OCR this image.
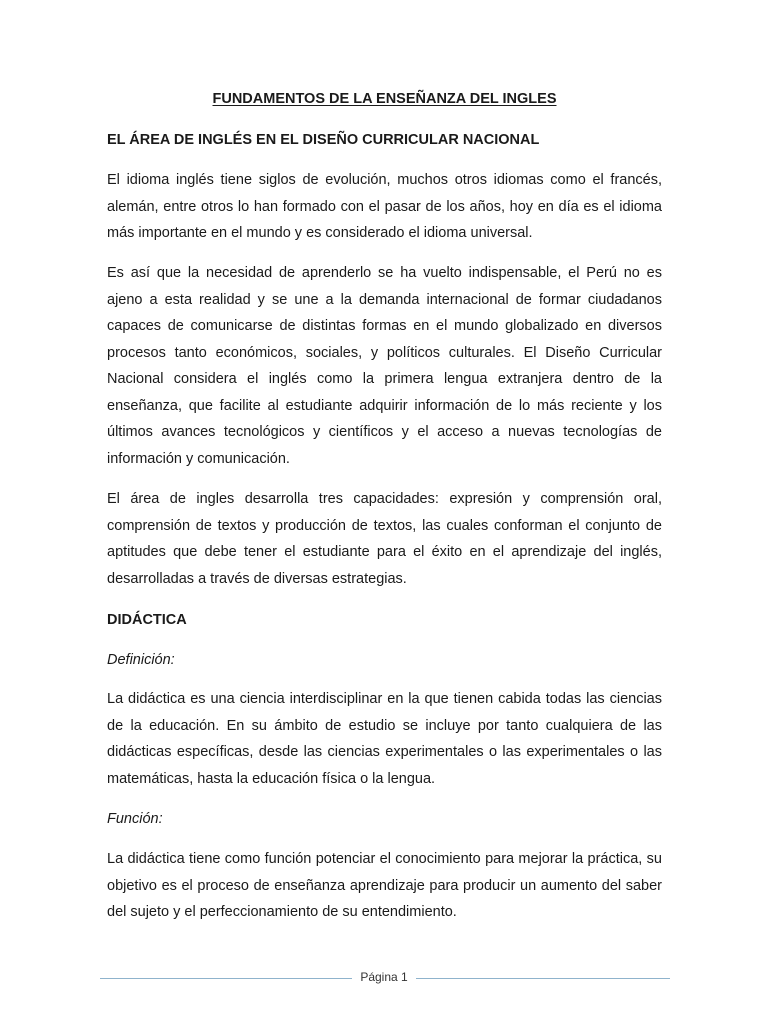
FUNDAMENTOS DE LA ENSEÑANZA DEL INGLES
EL ÁREA DE INGLÉS EN EL DISEÑO CURRICULAR NACIONAL

El idioma inglés tiene siglos de evolución, muchos otros idiomas como el francés, alemán, entre otros lo han formado con el pasar de los años, hoy en día es el idioma más importante en el mundo y es considerado el idioma universal.

Es así que la necesidad de aprenderlo se ha vuelto indispensable, el Perú no es ajeno a esta realidad y se une a la demanda internacional de formar ciudadanos capaces de comunicarse de distintas formas en el mundo globalizado en diversos procesos tanto económicos, sociales, y políticos culturales. El Diseño Curricular Nacional considera el inglés como la primera lengua extranjera dentro de la enseñanza, que facilite al estudiante adquirir información de lo más reciente y los últimos avances tecnológicos y científicos y el acceso a nuevas tecnologías de información y comunicación.

El área de ingles desarrolla tres capacidades: expresión y comprensión oral, comprensión de textos y producción de textos, las cuales conforman el conjunto de aptitudes que debe tener el estudiante para el éxito en el aprendizaje del inglés, desarrolladas a través de diversas estrategias.

DIDÁCTICA

Definición:

La didáctica es una ciencia interdisciplinar en la que tienen cabida todas las ciencias de la educación. En su ámbito de estudio se incluye por tanto cualquiera de las didácticas específicas, desde las ciencias experimentales o las experimentales o las matemáticas, hasta la educación física o la lengua.

Función:

La didáctica tiene como función potenciar el conocimiento para mejorar la práctica, su objetivo es el proceso de enseñanza aprendizaje para producir un aumento del saber del sujeto y el perfeccionamiento de su entendimiento.

Página 1
